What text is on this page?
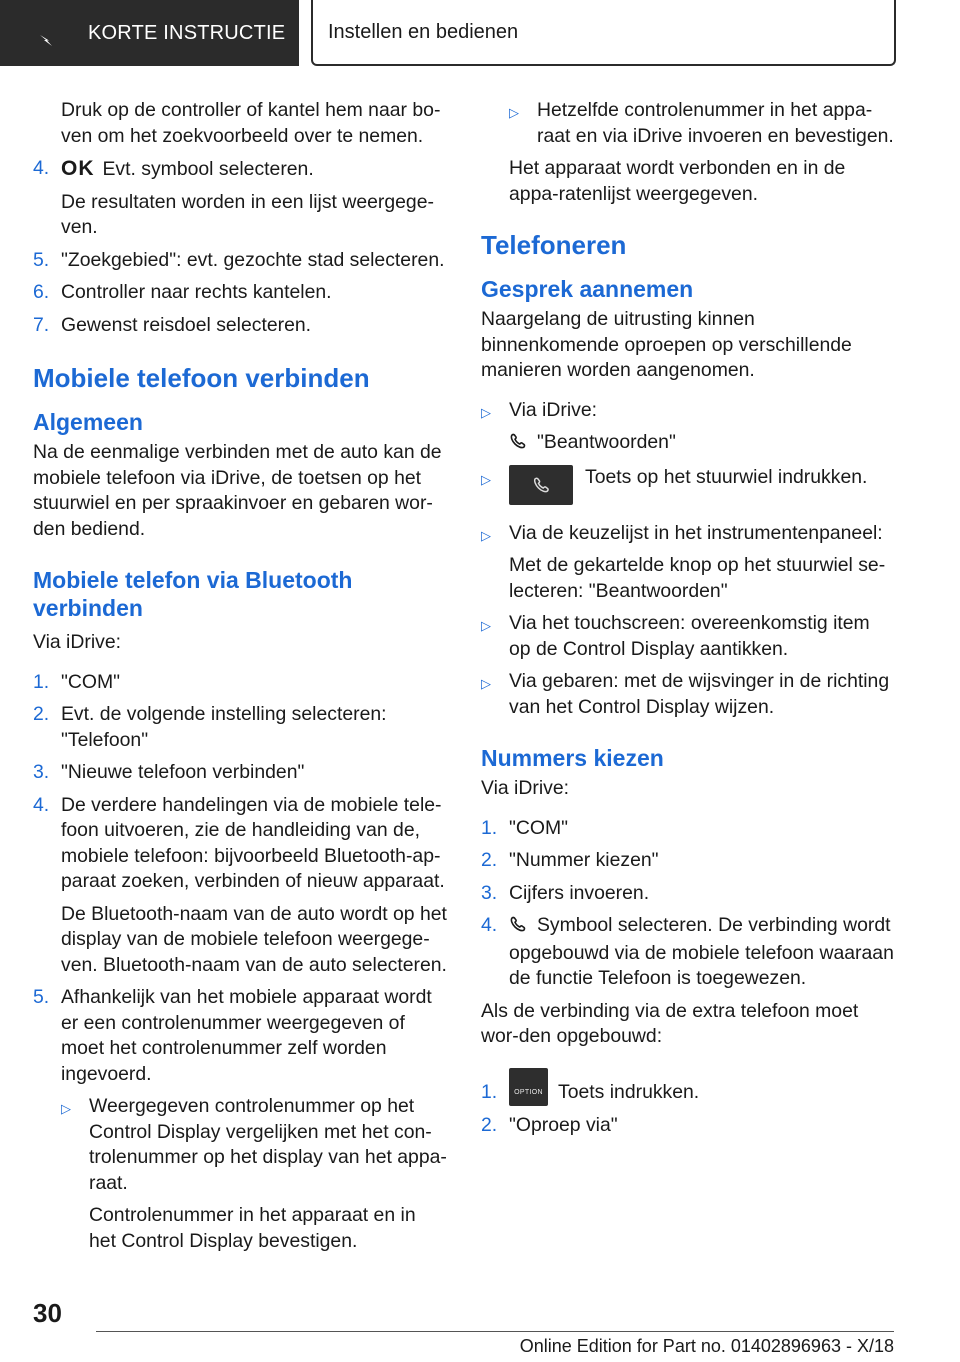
KORTE INSTRUCTIE Instellen en bedienen

Druk op de controller of kantel hem naar bo-ven om het zoekvoorbeeld over te nemen.

4. OK Evt. symbool selecteren.

De resultaten worden in een lijst weergege-ven.

5. "Zoekgebied": evt. gezochte stad selecteren.

6. Controller naar rechts kantelen.

7. Gewenst reisdoel selecteren.

Mobiele telefoon verbinden
Algemeen

Na de eenmalige verbinden met de auto kan de mobiele telefoon via iDrive, de toetsen op het stuurwiel en per spraakinvoer en gebaren wor-den bediend.

Mobiele telefon via Bluetooth verbinden

Via iDrive:

1. "COM"

2. Evt. de volgende instelling selecteren: "Telefoon"

3. "Nieuwe telefoon verbinden"

4. De verdere handelingen via de mobiele tele-foon uitvoeren, zie de handleiding van de, mobiele telefoon: bijvoorbeeld Bluetooth-ap-paraat zoeken, verbinden of nieuw apparaat.

De Bluetooth-naam van de auto wordt op het display van de mobiele telefoon weergege-ven. Bluetooth-naam van de auto selecteren.

5. Afhankelijk van het mobiele apparaat wordt er een controlenummer weergegeven of moet het controlenummer zelf worden ingevoerd.

▷ Weergegeven controlenummer op het Control Display vergelijken met het con-trolenummer op het display van het appa-raat.

Controlenummer in het apparaat en in het Control Display bevestigen.

▷ Hetzelfde controlenummer in het appa-raat en via iDrive invoeren en bevestigen.

Het apparaat wordt verbonden en in de appa-ratenlijst weergegeven.

Telefoneren
Gesprek aannemen

Naargelang de uitrusting kinnen binnenkomende oproepen op verschillende manieren worden aangenomen.

▷ Via iDrive:

"Beantwoorden"

▷	Toets op het stuurwiel indrukken.

▷ Via de keuzelijst in het instrumentenpaneel:

Met de gekartelde knop op het stuurwiel se-lecteren: "Beantwoorden"

▷ Via het touchscreen: overeenkomstig item op de Control Display aantikken.

▷ Via gebaren: met de wijsvinger in de richting van het Control Display wijzen.

Nummers kiezen

Via iDrive:

1. "COM"

2. "Nummer kiezen"

3. Cijfers invoeren.

4.	Symbool selecteren. De verbinding wordt opgebouwd via de mobiele telefoon waaraan de functie Telefoon is toegewezen.

Als de verbinding via de extra telefoon moet wor-den opgebouwd:

1.	OPTION Toets indrukken.

2. "Oproep via"

30
Online Edition for Part no. 01402896963 - X/18
